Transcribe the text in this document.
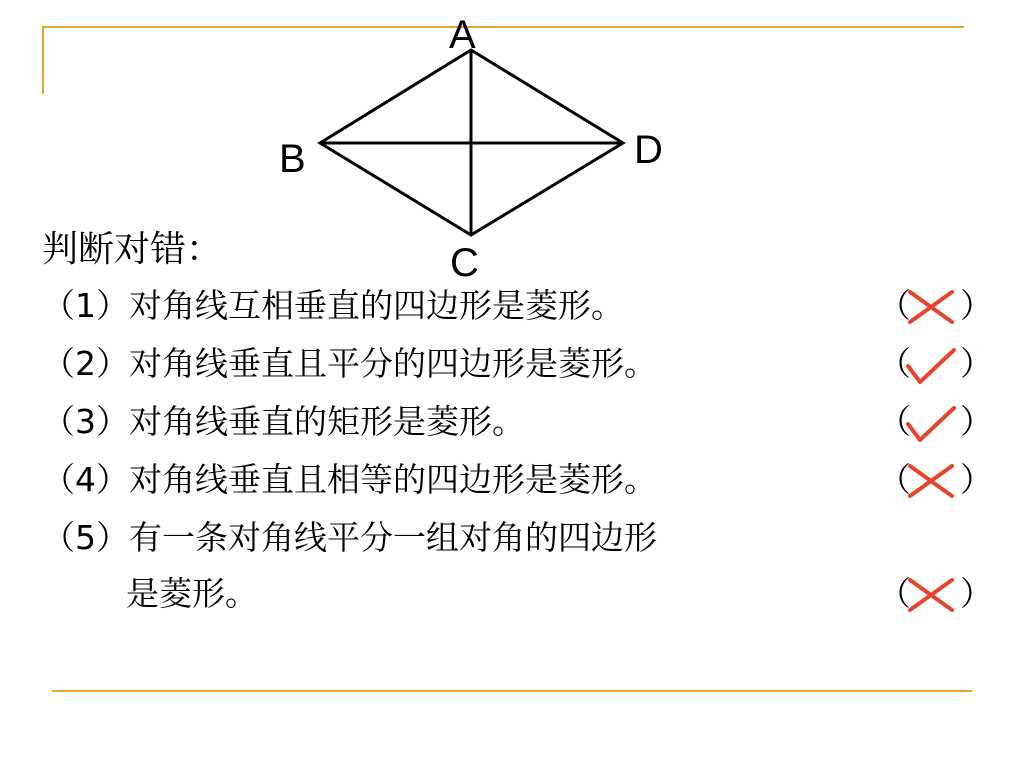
A
B
C
D
判断对错：
（1）对角线互相垂直的四边形是菱形。	（ ）
（2）对角线垂直且平分的四边形是菱形。	（ ）
（3）对角线垂直的矩形是菱形。	（ ）
（4）对角线垂直且相等的四边形是菱形。	（ ）
（5）有一条对角线平分一组对角的四边形
是菱形。	（ ）
